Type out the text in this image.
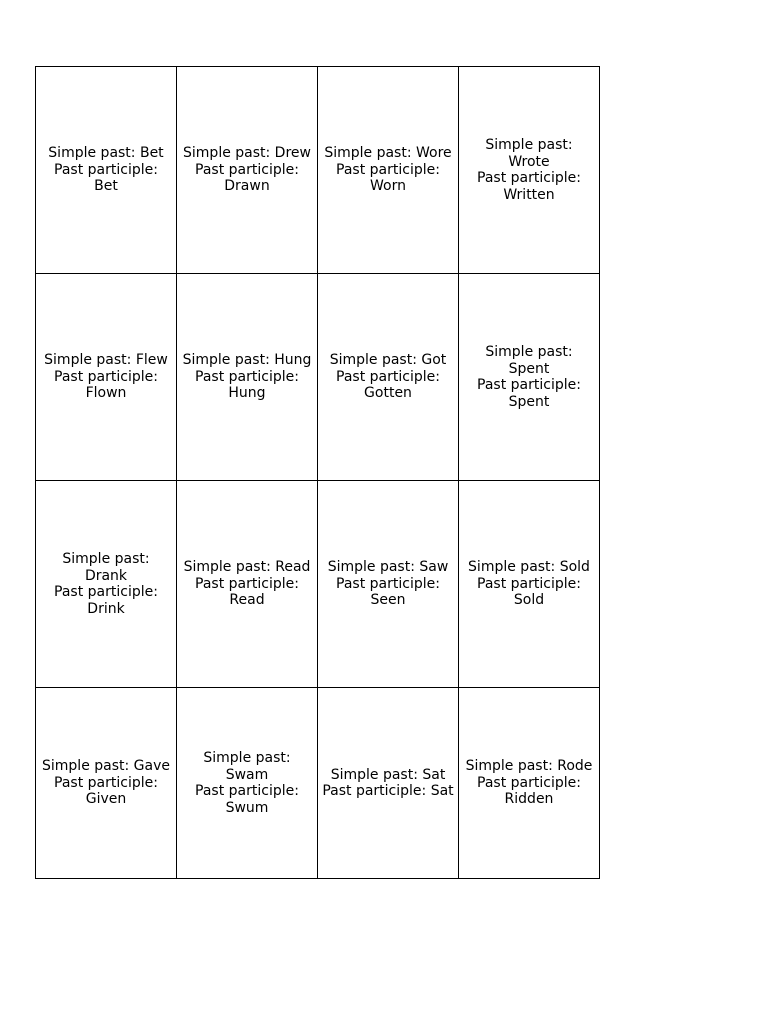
Simple past: Bet
Past participle: Bet	Simple past: Drew
Past participle: Drawn	Simple past: Wore
Past participle: Worn	Simple past: Wrote
Past participle: Written

Simple past: Flew
Past participle: Flown	Simple past: Hung
Past participle: Hung	Simple past: Got
Past participle: Gotten	Simple past: Spent
Past participle: Spent

Simple past: Drank
Past participle: Drink	Simple past: Read
Past participle: Read	Simple past: Saw
Past participle: Seen	Simple past: Sold
Past participle: Sold

Simple past: Gave
Past participle: Given	Simple past: Swam
Past participle: Swum	Simple past: Sat
Past participle: Sat	Simple past: Rode
Past participle: Ridden
